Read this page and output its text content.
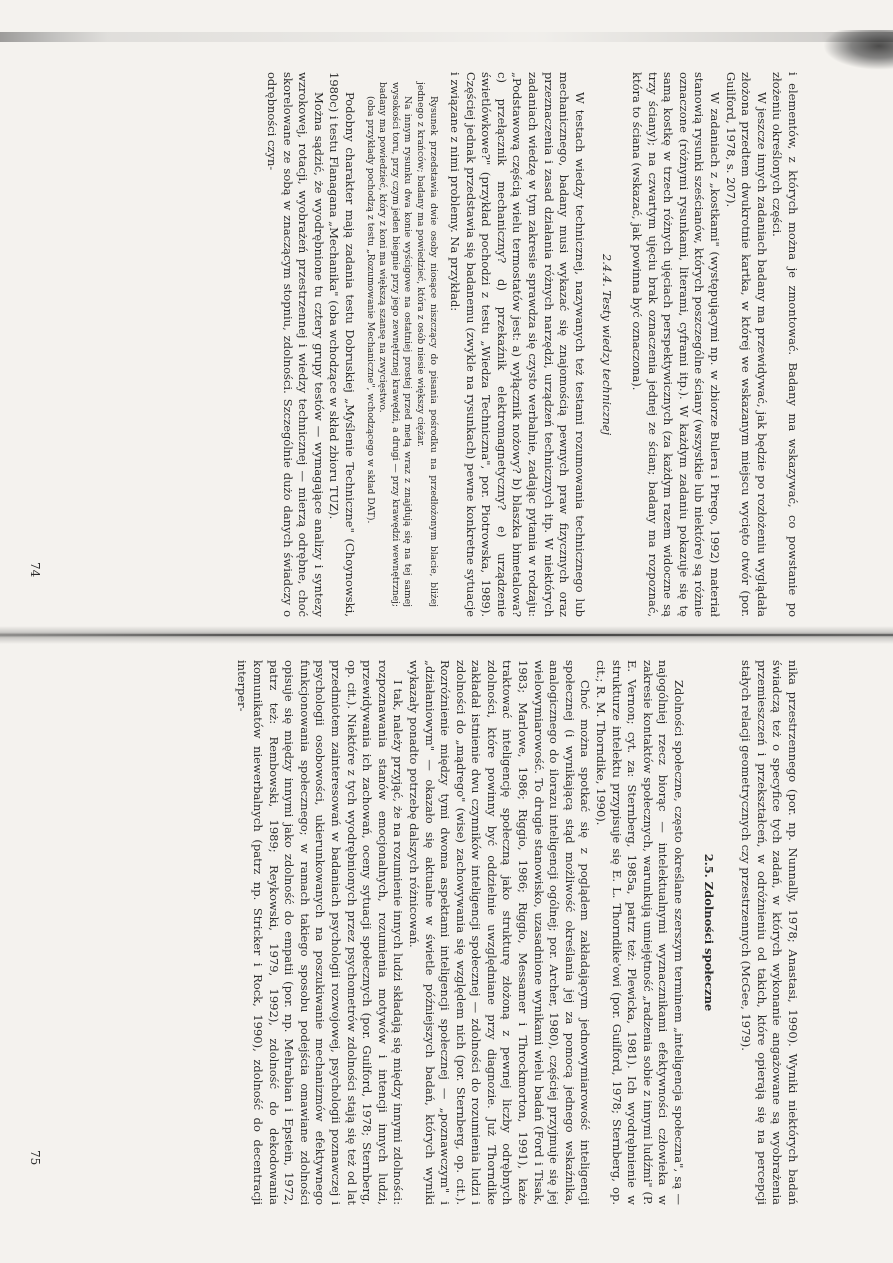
i elementów, z których można je zmontować. Badany ma wskazywać, co powstanie po złożeniu określonych części.

W jeszcze innych zadaniach badany ma przewidywać, jak będzie po rozłożeniu wyglądała złożona przedtem dwukrotnie kartka, w której we wskazanym miejscu wycięto otwór (por. Guilford, 1978, s. 207).

W zadaniach z „kostkami" (występującymi np. w zbiorze Bulera i Pirego, 1992) materiał stanowią rysunki sześcianów, których poszczególne ściany (wszystkie lub niektóre) są różnie oznaczone (różnymi rysunkami, literami, cyframi itp.). W każdym zadaniu pokazuje się tę samą kostkę w trzech różnych ujęciach perspektywicznych (za każdym razem widoczne są trzy ściany); na czwartym ujęciu brak oznaczenia jednej ze ścian; badany ma rozpoznać, która to ściana (wskazać, jak powinna być oznaczona).

2.4.4. Testy wiedzy technicznej

W testach wiedzy technicznej, nazywanych też testami rozumowania technicznego lub mechanicznego, badany musi wykazać się znajomością pewnych praw fizycznych oraz przeznaczenia i zasad działania różnych narzędzi, urządzeń technicznych itp. W niektórych zadaniach wiedzę w tym zakresie sprawdza się czysto werbalnie, zadając pytania w rodzaju: „Podstawową częścią wielu termostatów jest: a) wyłącznik nożowy? b) blaszka bimetalowa? c) przełącznik mechaniczny? d) przekaźnik elektromagnetyczny? e) urządzenie świetlówkowe?" (przykład pochodzi z testu „Wiedza Techniczna", por. Piotrowska, 1989). Częściej jednak przedstawia się badanemu (zwykle na rysunkach) pewne konkretne sytuacje i związane z nimi problemy. Na przykład:

Rysunek przedstawia dwie osoby niosące niszczący do pisania pośrodku na przedłożonym blacie, bliżej jednego z krańców; badany ma powiedzieć, która z osób niesie większy ciężar.

Na innym rysunku dwa konie wyścigowe na ostatniej prostej przed metą wraz z znajdują się na tej samej wysokości toru, przy czym jeden biegnie przy jego zewnętrznej krawędzi, a drugi — przy krawędzi wewnętrznej; badany ma powiedzieć, który z koni ma większą szansę na zwycięstwo.

(oba przykłady pochodzą z testu „Rozumowanie Mechaniczne", wchodzącego w skład DAT).

Podobny charakter mają zadania testu Dobruskiej „Myślenie Techniczne" (Choynowski, 1980c) i testu Flanagana „Mechanika" (oba wchodzące w skład zbioru TUZ).

Można sądzić, że wyodrębnione tu cztery grupy testów — wymagające analizy i syntezy wzrokowej, rotacji, wyobrażeń przestrzennej i wiedzy technicznej — mierzą odrębne, choć skorelowane ze sobą w znaczącym stopniu, zdolności. Szczególnie dużo danych świadczy o odrębności czyn-

74

nika przestrzennego (por. np. Nunnally, 1978; Anastasi, 1990). Wyniki niektórych badań świadczą też o specyfice tych zadań, w których wykonanie angażowane są wyobrażenia przemieszczeń i przekształceń, w odróżnieniu od takich, które opierają się na percepcji stałych relacji geometrycznych czy przestrzennych (McGee, 1979).

2.5. Zdolności społeczne

Zdolności społeczne, często określane szerszym terminem „inteligencja społeczna", są — najogólniej rzecz biorąc — intelektualnymi wyznacznikami efektywności człowieka w zakresie kontaktów społecznych, warunkują umiejętność „radzenia sobie z innymi ludźmi" (P. E. Vernon; cyt. za: Sternberg, 1985a, patrz też: Plewicka, 1981). Ich wyodrębnienie w strukturze intelektu przypisuje się E. L. Thorndike'owi (por. Guilford, 1978; Sternberg, op. cit.; R. M. Thorndike, 1990).

Choć można spotkać się z poglądem zakładającym jednowymiarowość inteligencji społecznej (i wynikającą stąd możliwość określania jej za pomocą jednego wskaźnika, analogicznego do ilorazu inteligencji ogólnej; por. Archer, 1980), częściej przyjmuje się jej wielowymiarowość. To drugie stanowisko, uzasadnione wynikami wielu badań (Ford i Tisak, 1983; Marlowe, 1986; Riggio, 1986; Riggio, Messamer i Throckmorton, 1991), każe traktować inteligencję społeczną jako strukturę złożoną z pewnej liczby odrębnych zdolności, które powinny być oddzielnie uwzględniane przy diagnozie. Już Thorndike zakładał istnienie dwu czynników inteligencji społecznej — zdolności do rozumienia ludzi i zdolności do „mądrego" (wise) zachowywania się względem nich (por. Sternberg, op. cit.). Rozróżnienie między tymi dwoma aspektami inteligencji społecznej — „poznawczym" i „działaniowym" — okazało się aktualne w świetle późniejszych badań, których wyniki wykazały ponadto potrzebę dalszych różnicowań.

I tak, należy przyjąć, że na rozumienie innych ludzi składają się między innymi zdolności: rozpoznawania stanów emocjonalnych, rozumienia motywów i intencji innych ludzi, przewidywania ich zachowań, oceny sytuacji społecznych (por. Guilford, 1978; Sternberg, op. cit.). Niektóre z tych wyodrębnionych przez psychometrów zdolności stają się też od lat przedmiotem zainteresowań w badaniach psychologii rozwojowej, psychologii poznawczej i psychologii osobowości, ukierunkowanych na poszukiwanie mechanizmów efektywnego funkcjonowania społecznego; w ramach takiego sposobu podejścia omawiane zdolności opisuje się między innymi jako zdolność do empatii (por. np. Mehrabian i Epstein, 1972, patrz też: Rembowski, 1989; Reykowski, 1979, 1992), zdolność do dekodowania komunikatów niewerbalnych (patrz np. Stricker i Rock, 1990), zdolność do decentracji interper-

75
